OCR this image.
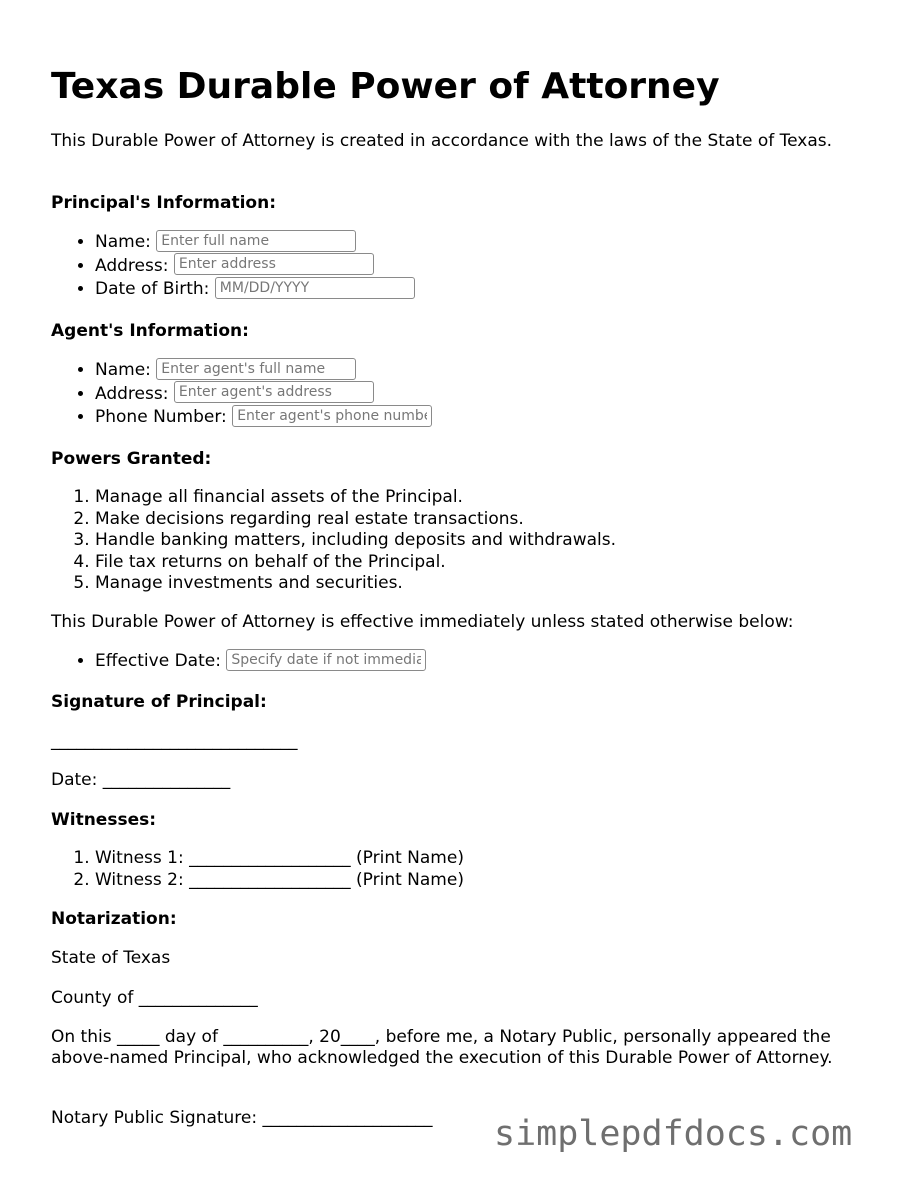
Texas Durable Power of Attorney

This Durable Power of Attorney is created in accordance with the laws of the State of Texas.

Principal's Information:

• Name: Enter full name
• Address: Enter address
• Date of Birth: MM/DD/YYYY

Agent's Information:

• Name: Enter agent's full name
• Address: Enter agent's address
• Phone Number: Enter agent's phone number

Powers Granted:

1. Manage all financial assets of the Principal.
2. Make decisions regarding real estate transactions.
3. Handle banking matters, including deposits and withdrawals.
4. File tax returns on behalf of the Principal.
5. Manage investments and securities.

This Durable Power of Attorney is effective immediately unless stated otherwise below:

• Effective Date: Specify date if not immediate

Signature of Principal:

_____________________________

Date: _______________

Witnesses:

1. Witness 1: ___________________ (Print Name)
2. Witness 2: ___________________ (Print Name)

Notarization:

State of Texas

County of ______________

On this _____ day of __________, 20____, before me, a Notary Public, personally appeared the above-named Principal, who acknowledged the execution of this Durable Power of Attorney.

Notary Public Signature: ____________________ simplepdfdocs.com
